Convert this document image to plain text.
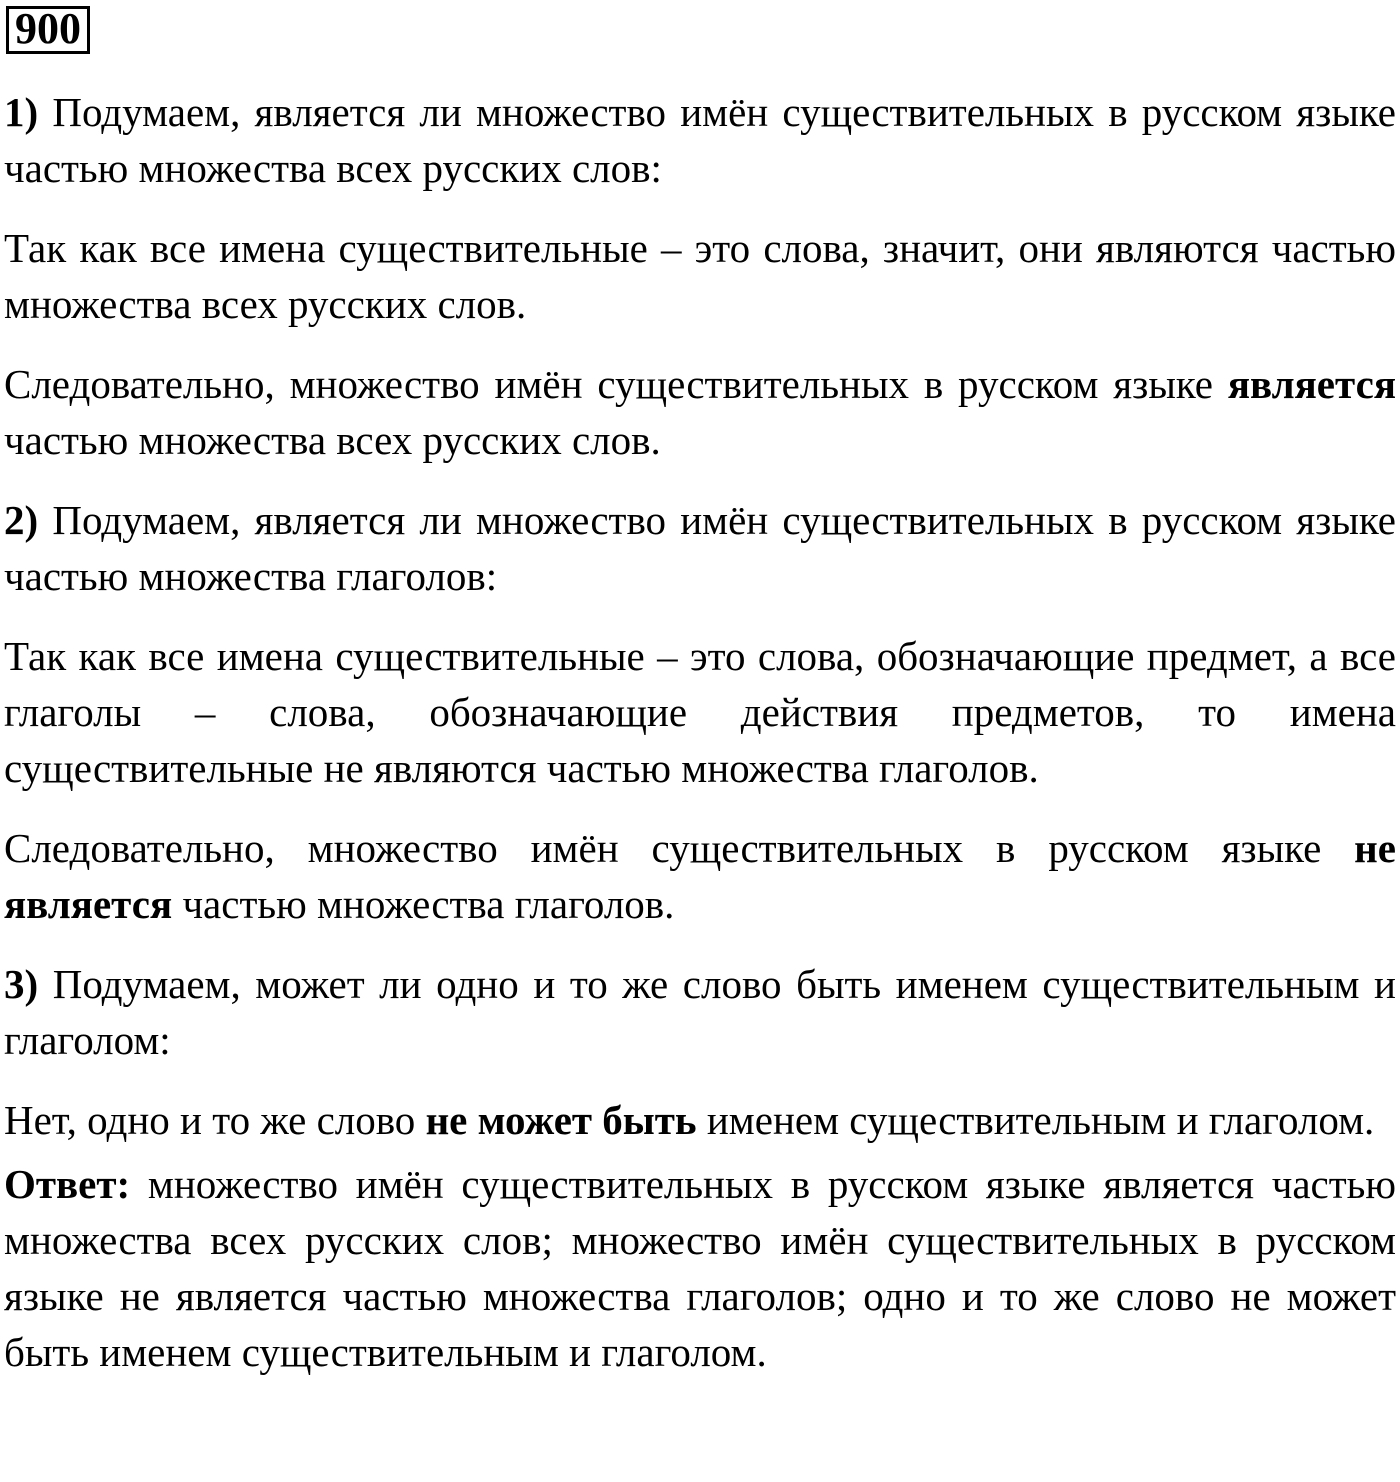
900

1) Подумаем, является ли множество имён существительных в русском языке частью множества всех русских слов:

Так как все имена существительные – это слова, значит, они являются частью множества всех русских слов.

Следовательно, множество имён существительных в русском языке является частью множества всех русских слов.

2) Подумаем, является ли множество имён существительных в русском языке частью множества глаголов:

Так как все имена существительные – это слова, обозначающие предмет, а все глаголы – слова, обозначающие действия предметов, то имена существительные не являются частью множества глаголов.

Следовательно, множество имён существительных в русском языке не является частью множества глаголов.

3) Подумаем, может ли одно и то же слово быть именем существительным и глаголом:

Нет, одно и то же слово не может быть именем существительным и глаголом.

Ответ: множество имён существительных в русском языке является частью множества всех русских слов; множество имён существительных в русском языке не является частью множества глаголов; одно и то же слово не может быть именем существительным и глаголом.
